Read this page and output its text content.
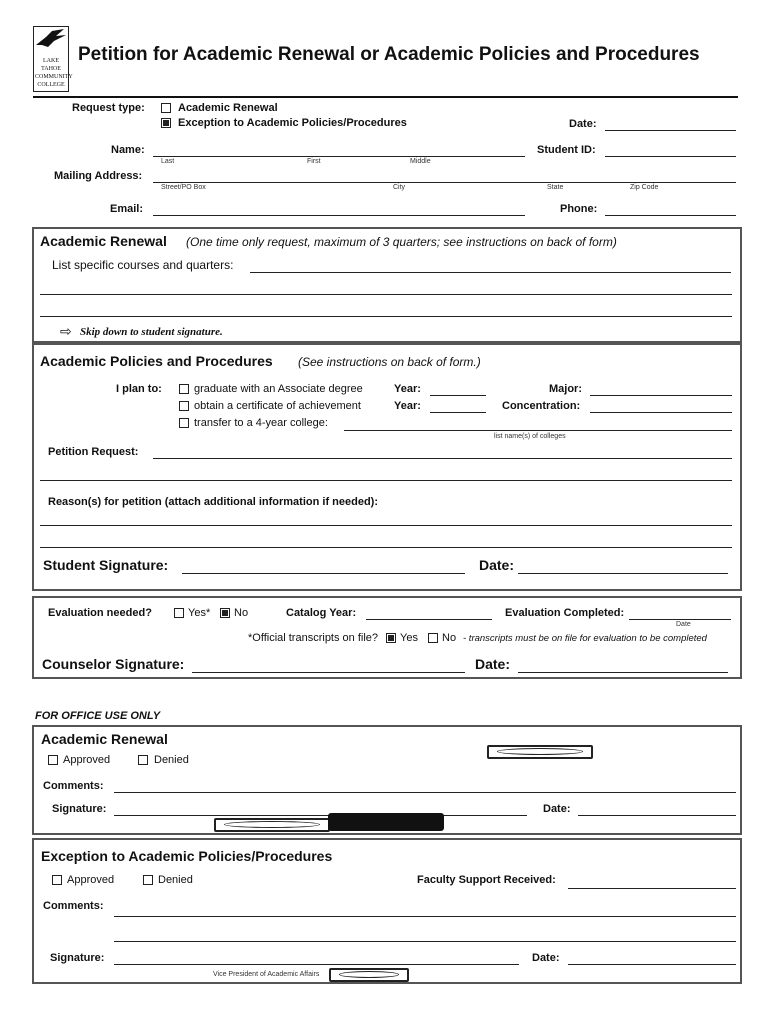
LAKE TAHOE COMMUNITY COLLEGE
Petition for Academic Renewal or Academic Policies and Procedures
Request type:	Academic Renewal
Exception to Academic Policies/Procedures	Date:
Name:
Last	First	Middle
Student ID:
Mailing Address:
Street/PO Box	City	State	Zip Code
Email:	Phone:
Academic Renewal (One time only request, maximum of 3 quarters; see instructions on back of form)
List specific courses and quarters:
⇨ Skip down to student signature.
Academic Policies and Procedures (See instructions on back of form.)
I plan to:	graduate with an Associate degree
obtain a certificate of achievement
transfer to a 4-year college:
list name(s) of colleges
Year:
Year:
Major:
Concentration:
Petition Request:
Reason(s) for petition (attach additional information if needed):
Student Signature:	Date:
Evaluation needed?	Yes* No	Catalog Year:	Evaluation Completed:
Date
*Official transcripts on file? Yes No - transcripts must be on file for evaluation to be completed
Counselor Signature:	Date:
FOR OFFICE USE ONLY
Academic Renewal
Approved	Denied
Comments:
Signature:	Date:
Exception to Academic Policies/Procedures
Approved	Denied	Faculty Support Received:
Comments:
Signature:
Vice President of Academic Affairs
Date:
